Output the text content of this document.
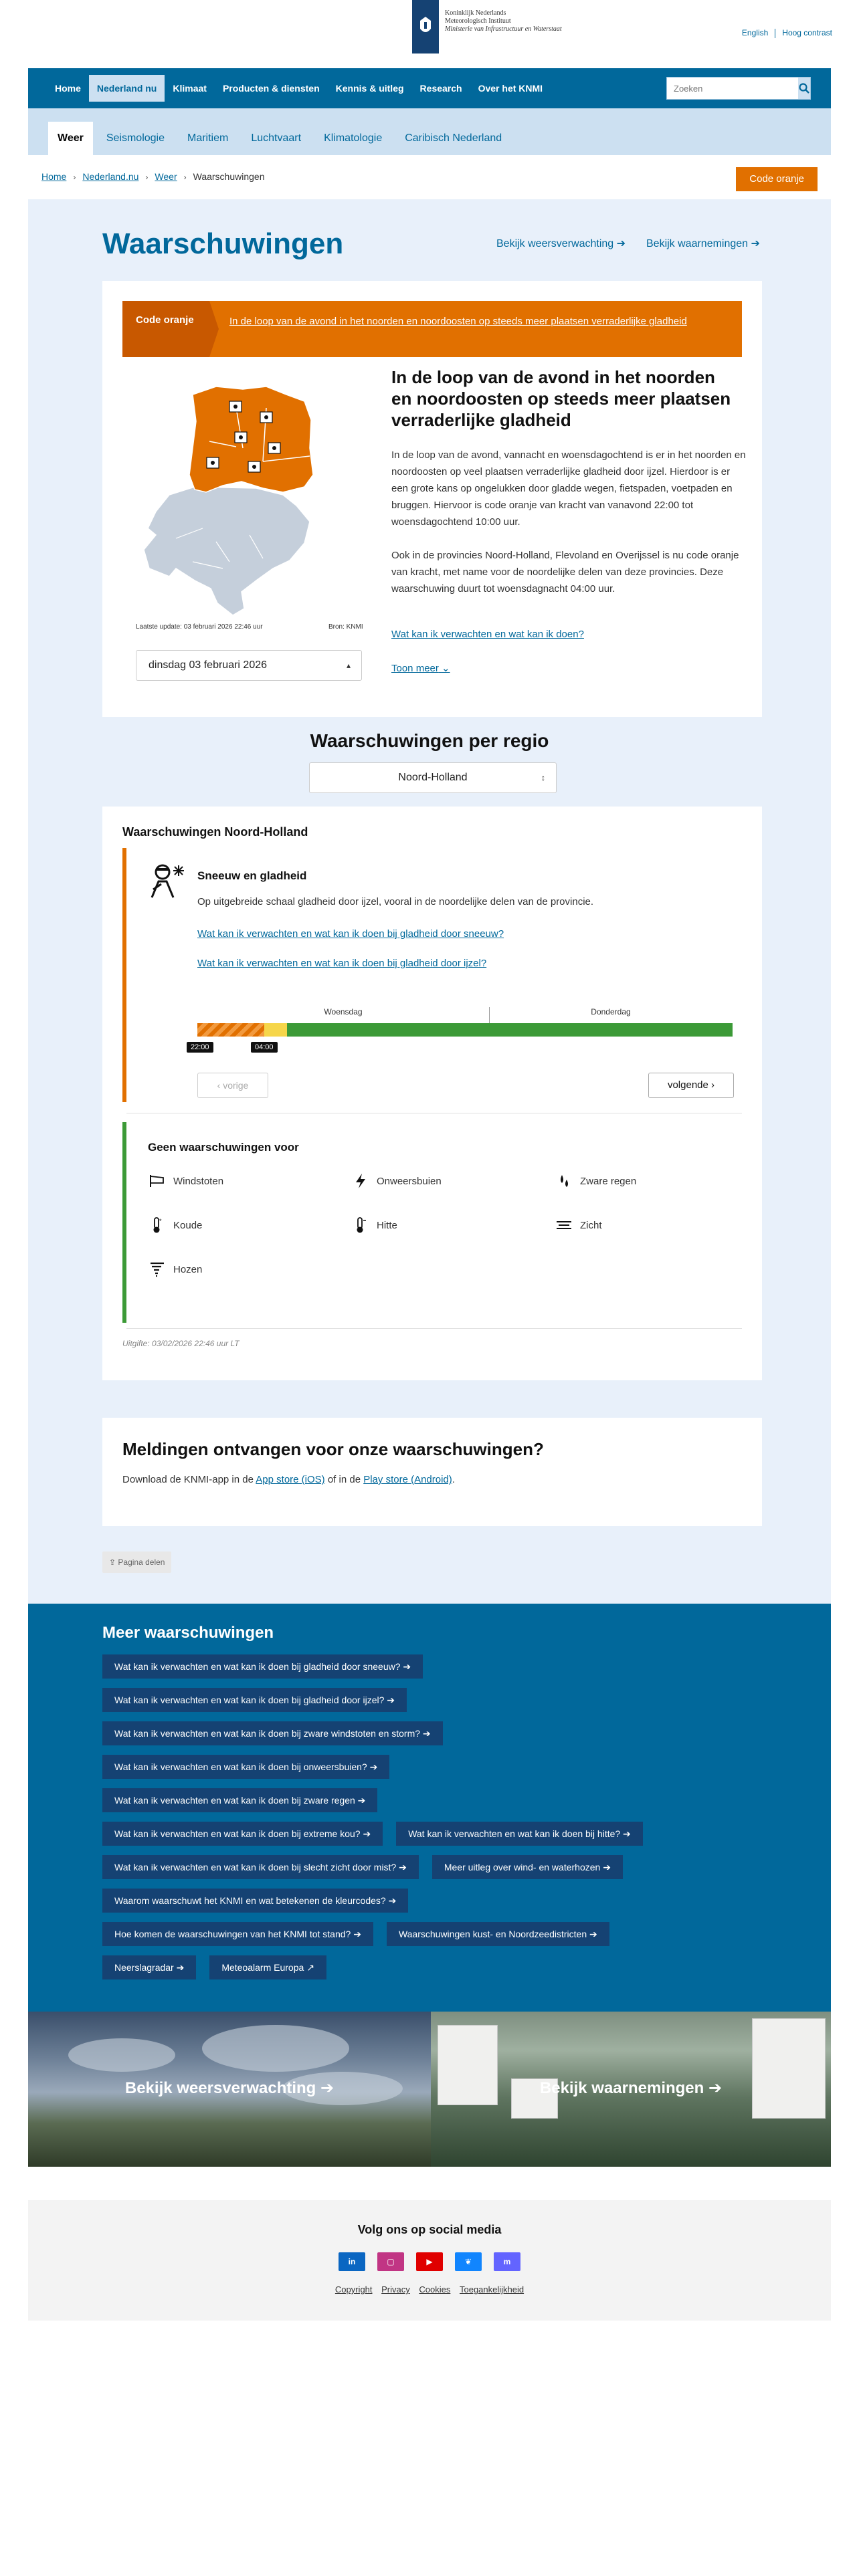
Koninklijk Nederlands
Meteorologisch Instituut
Ministerie van Infrastructuur en Waterstaat	English Hoog contrast
Home	Nederland nu	Klimaat	Producten & diensten	Kennis & uitleg	Research	Over het KNMI
Zoeken
Weer	Seismologie	Maritiem	Luchtvaart	Klimatologie	Caribisch Nederland
Home › Nederland.nu › Weer › Waarschuwingen	Code oranje
Waarschuwingen	Bekijk weersverwachting ➔ Bekijk waarnemingen ➔
Code oranje	In de loop van de avond in het noorden en noordoosten op steeds meer plaatsen verraderlijke gladheid
Laatste update: 03 februari 2026 22:46 uur	Bron: KNMI
dinsdag 03 februari 2026	▴

In de loop van de avond in het noorden en noordoosten op steeds meer plaatsen verraderlijke gladheid

In de loop van de avond, vannacht en woensdagochtend is er in het noorden en noordoosten op veel plaatsen verraderlijke gladheid door ijzel. Hierdoor is er een grote kans op ongelukken door gladde wegen, fietspaden, voetpaden en bruggen. Hiervoor is code oranje van kracht van vanavond 22:00 tot woensdagochtend 10:00 uur.

Ook in de provincies Noord-Holland, Flevoland en Overijssel is nu code oranje van kracht, met name voor de noordelijke delen van deze provincies. Deze waarschuwing duurt tot woensdagnacht 04:00 uur.

Wat kan ik verwachten en wat kan ik doen?
Toon meer ⌄
Waarschuwingen per regio
Noord-Holland	↕
Waarschuwingen Noord-Holland
Sneeuw en gladheid
Op uitgebreide schaal gladheid door ijzel, vooral in de noordelijke delen van de provincie.
Wat kan ik verwachten en wat kan ik doen bij gladheid door sneeuw?
Wat kan ik verwachten en wat kan ik doen bij gladheid door ijzel?
Woensdag	Donderdag
22:00	04:00
‹ vorige	volgende ›
Geen waarschuwingen voor
Windstoten	Onweersbuien	Zware regen
* Koude	Hitte	Zicht
Hozen
Uitgifte: 03/02/2026 22:46 uur LT
Meldingen ontvangen voor onze waarschuwingen?

Download de KNMI-app in de App store (iOS) of in de Play store (Android).

⇪ Pagina delen
Meer waarschuwingen
Wat kan ik verwachten en wat kan ik doen bij gladheid door sneeuw? ➔
Wat kan ik verwachten en wat kan ik doen bij gladheid door ijzel? ➔
Wat kan ik verwachten en wat kan ik doen bij zware windstoten en storm? ➔
Wat kan ik verwachten en wat kan ik doen bij onweersbuien? ➔
Wat kan ik verwachten en wat kan ik doen bij zware regen ➔
Wat kan ik verwachten en wat kan ik doen bij extreme kou? ➔	Wat kan ik verwachten en wat kan ik doen bij hitte? ➔
Wat kan ik verwachten en wat kan ik doen bij slecht zicht door mist? ➔	Meer uitleg over wind- en waterhozen ➔
Waarom waarschuwt het KNMI en wat betekenen de kleurcodes? ➔
Hoe komen de waarschuwingen van het KNMI tot stand? ➔	Waarschuwingen kust- en Noordzeedistricten ➔
Neerslagradar ➔	Meteoalarm Europa ↗
Bekijk weersverwachting ➔	Bekijk waarnemingen ➔
Volg ons op social media
in	▢	▶	❦	m
Copyright Privacy Cookies Toegankelijkheid
